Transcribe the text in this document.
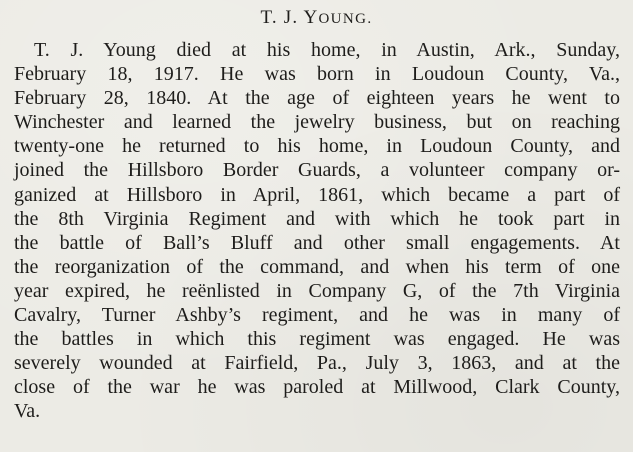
T. J. YOUNG.
T. J. Young died at his home, in Austin, Ark., Sunday,
February 18, 1917. He was born in Loudoun County, Va.,
February 28, 1840. At the age of eighteen years he went to
Winchester and learned the jewelry business, but on reaching
twenty-one he returned to his home, in Loudoun County, and
joined the Hillsboro Border Guards, a volunteer company or-
ganized at Hillsboro in April, 1861, which became a part of
the 8th Virginia Regiment and with which he took part in
the battle of Ball’s Bluff and other small engagements. At
the reorganization of the command, and when his term of one
year expired, he reënlisted in Company G, of the 7th Virginia
Cavalry, Turner Ashby’s regiment, and he was in many of
the battles in which this regiment was engaged. He was
severely wounded at Fairfield, Pa., July 3, 1863, and at the
close of the war he was paroled at Millwood, Clark County,
Va.
